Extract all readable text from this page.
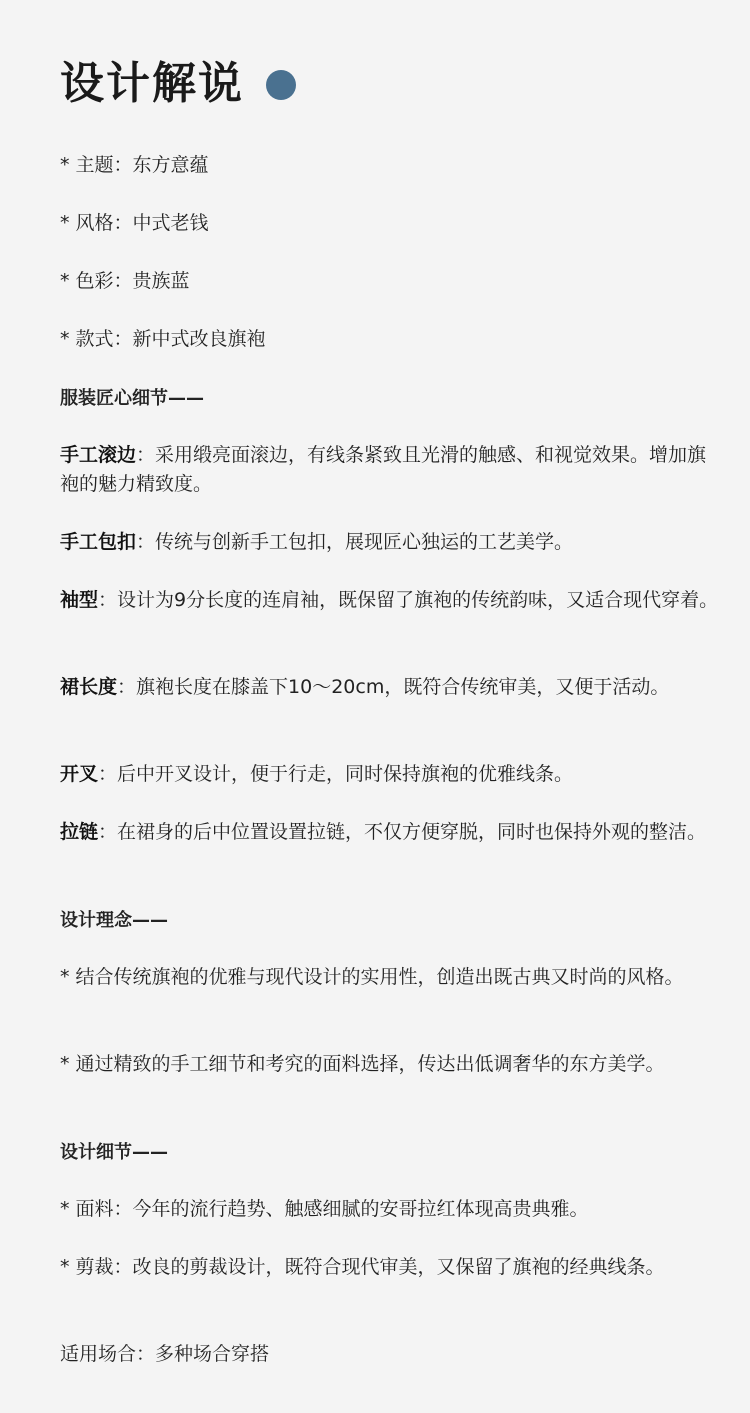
设计解说
* 主题：东方意蕴
* 风格：中式老钱
* 色彩：贵族蓝
* 款式：新中式改良旗袍
服装匠心细节——
手工滚边：采用缎亮面滚边，有线条紧致且光滑的触感、和视觉效果。增加旗袍的魅力精致度。
手工包扣：传统与创新手工包扣，展现匠心独运的工艺美学。
袖型：设计为9分长度的连肩袖，既保留了旗袍的传统韵味，又适合现代穿着。
裙长度：旗袍长度在膝盖下10～20cm，既符合传统审美，又便于活动。
开叉：后中开叉设计，便于行走，同时保持旗袍的优雅线条。
拉链：在裙身的后中位置设置拉链，不仅方便穿脱，同时也保持外观的整洁。
设计理念——
* 结合传统旗袍的优雅与现代设计的实用性，创造出既古典又时尚的风格。
* 通过精致的手工细节和考究的面料选择，传达出低调奢华的东方美学。
设计细节——
* 面料：今年的流行趋势、触感细腻的安哥拉红体现高贵典雅。
* 剪裁：改良的剪裁设计，既符合现代审美，又保留了旗袍的经典线条。
适用场合：多种场合穿搭
